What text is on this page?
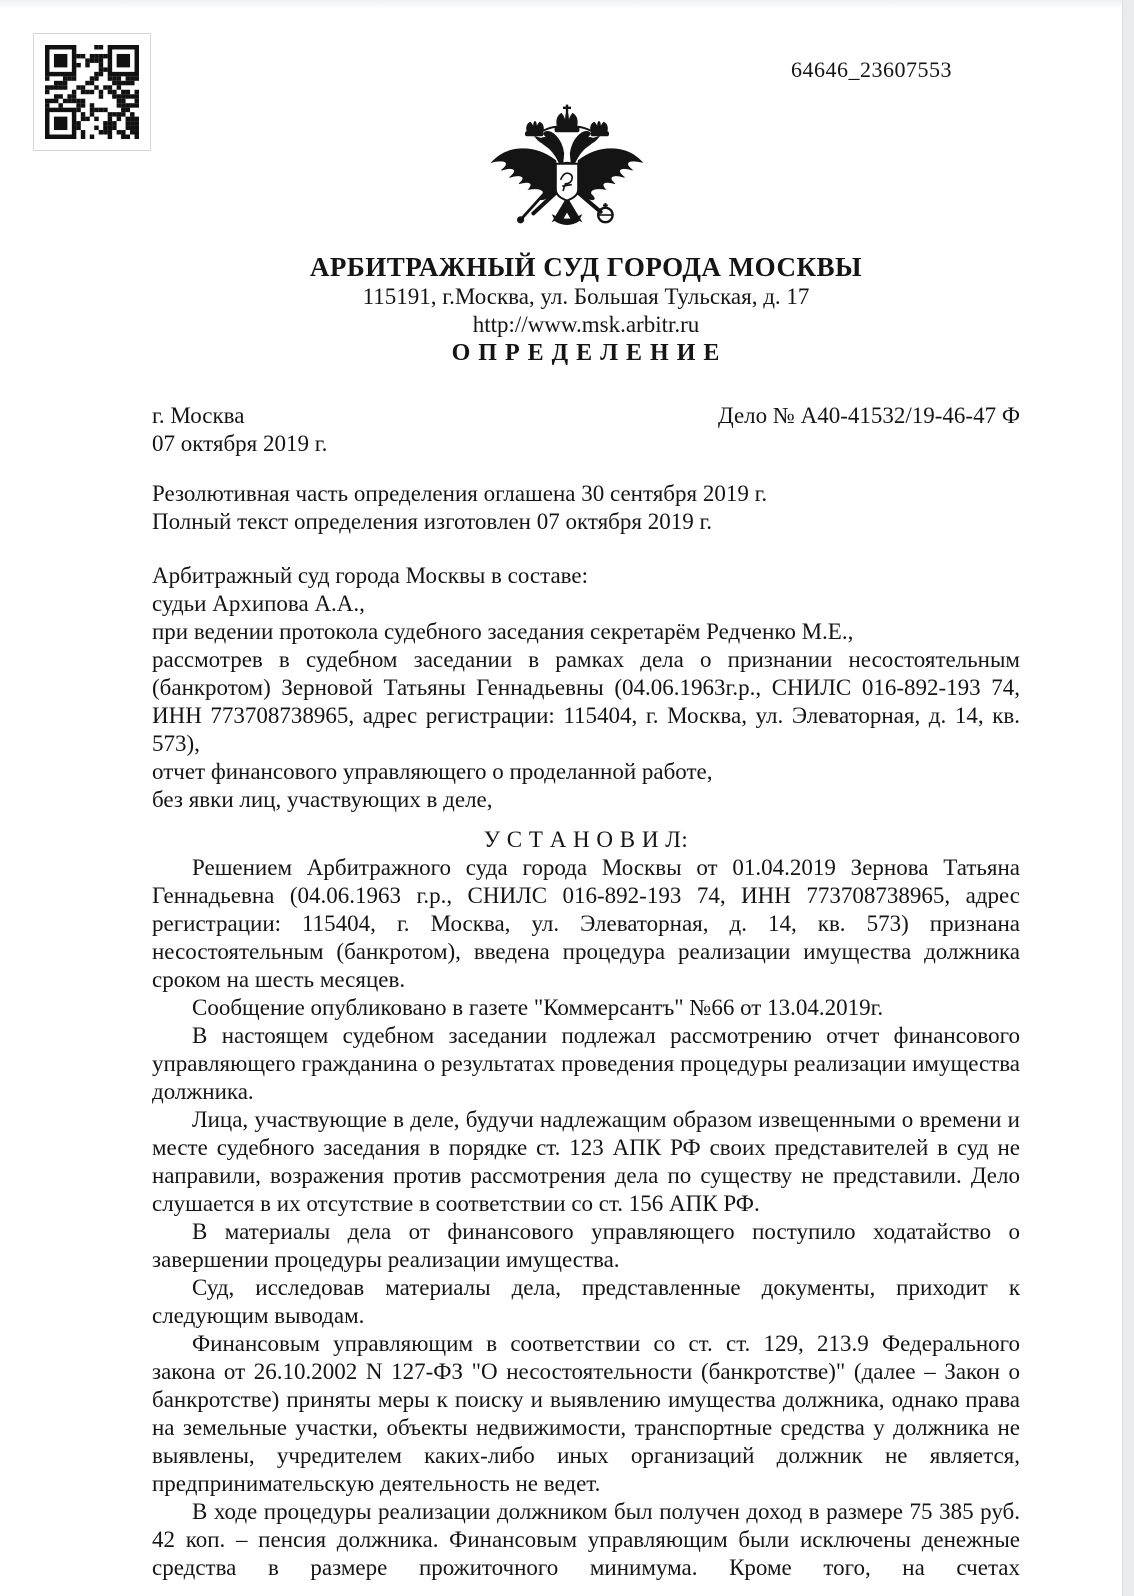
64646_23607553
АРБИТРАЖНЫЙ СУД ГОРОДА МОСКВЫ

115191, г.Москва, ул. Большая Тульская, д. 17

http://www.msk.arbitr.ru

О П Р Е Д Е Л Е Н И Е

г. Москва	Дело № А40-41532/19-46-47 Ф

07 октября 2019 г.

Резолютивная часть определения оглашена 30 сентября 2019 г.

Полный текст определения изготовлен 07 октября 2019 г.

Арбитражный суд города Москвы в составе:

судьи Архипова А.А.,

при ведении протокола судебного заседания секретарём Редченко М.Е.,

рассмотрев в судебном заседании в рамках дела о признании несостоятельным (банкротом) Зерновой Татьяны Геннадьевны (04.06.1963г.р., СНИЛС 016-892-193 74, ИНН 773708738965, адрес регистрации: 115404, г. Москва, ул. Элеваторная, д. 14, кв. 573),

отчет финансового управляющего о проделанной работе,

без явки лиц, участвующих в деле,

У С Т А Н О В И Л:

Решением Арбитражного суда города Москвы от 01.04.2019 Зернова Татьяна Геннадьевна (04.06.1963 г.р., СНИЛС 016-892-193 74, ИНН 773708738965, адрес регистрации: 115404, г. Москва, ул. Элеваторная, д. 14, кв. 573) признана несостоятельным (банкротом), введена процедура реализации имущества должника сроком на шесть месяцев.

Сообщение опубликовано в газете "Коммерсантъ" №66 от 13.04.2019г.

В настоящем судебном заседании подлежал рассмотрению отчет финансового управляющего гражданина о результатах проведения процедуры реализации имущества должника.

Лица, участвующие в деле, будучи надлежащим образом извещенными о времени и месте судебного заседания в порядке ст. 123 АПК РФ своих представителей в суд не направили, возражения против рассмотрения дела по существу не представили. Дело слушается в их отсутствие в соответствии со ст. 156 АПК РФ.

В материалы дела от финансового управляющего поступило ходатайство о завершении процедуры реализации имущества.

Суд, исследовав материалы дела, представленные документы, приходит к следующим выводам.

Финансовым управляющим в соответствии со ст. ст. 129, 213.9 Федерального закона от 26.10.2002 N 127-ФЗ "О несостоятельности (банкротстве)" (далее – Закон о банкротстве) приняты меры к поиску и выявлению имущества должника, однако права на земельные участки, объекты недвижимости, транспортные средства у должника не выявлены, учредителем каких-либо иных организаций должник не является, предпринимательскую деятельность не ведет.

В ходе процедуры реализации должником был получен доход в размере 75 385 руб. 42 коп. – пенсия должника. Финансовым управляющим были исключены денежные средства в размере прожиточного минимума. Кроме того, на счетах
